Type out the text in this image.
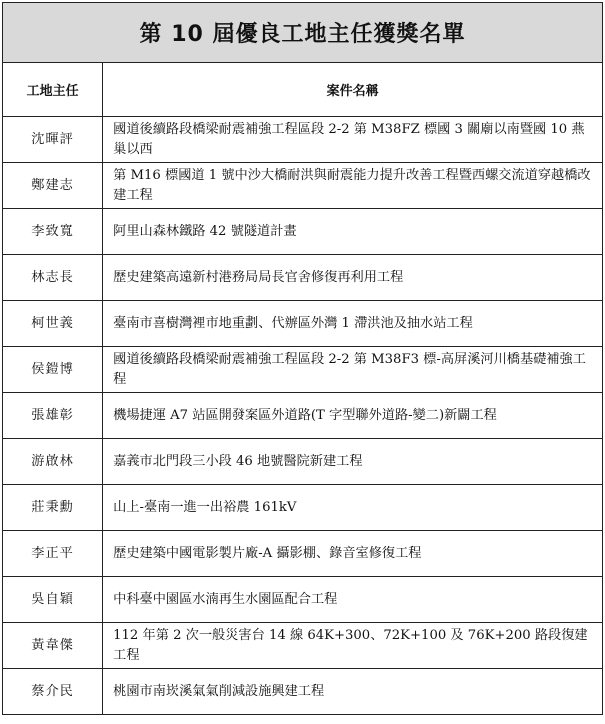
第 10 屆優良工地主任獲獎名單	
工地主任	案件名稱
沈暉評	國道後續路段橋梁耐震補強工程區段 2-2 第 M38FZ 標國 3 關廟以南暨國 10 燕巢以西
鄭建志	第 M16 標國道 1 號中沙大橋耐洪與耐震能力提升改善工程暨西螺交流道穿越橋改建工程
李致寬	阿里山森林鐵路 42 號隧道計畫
林志長	歷史建築高遠新村港務局局長官舍修復再利用工程
柯世義	臺南市喜樹灣裡市地重劃、代辦區外灣 1 滯洪池及抽水站工程
侯鎧博	國道後續路段橋梁耐震補強工程區段 2-2 第 M38F3 標-高屏溪河川橋基礎補強工程
張雄彰	機場捷運 A7 站區開發案區外道路(T 字型聯外道路-變二)新闢工程
游啟林	嘉義市北門段三小段 46 地號醫院新建工程
莊秉勳	山上-臺南一進一出裕農 161kV
李正平	歷史建築中國電影製片廠-A 攝影棚、錄音室修復工程
吳自穎	中科臺中園區水湳再生水園區配合工程
黃韋傑	112 年第 2 次一般災害台 14 線 64K+300、72K+100 及 76K+200 路段復建工程
蔡介民	桃園市南崁溪氣氣削減設施興建工程
